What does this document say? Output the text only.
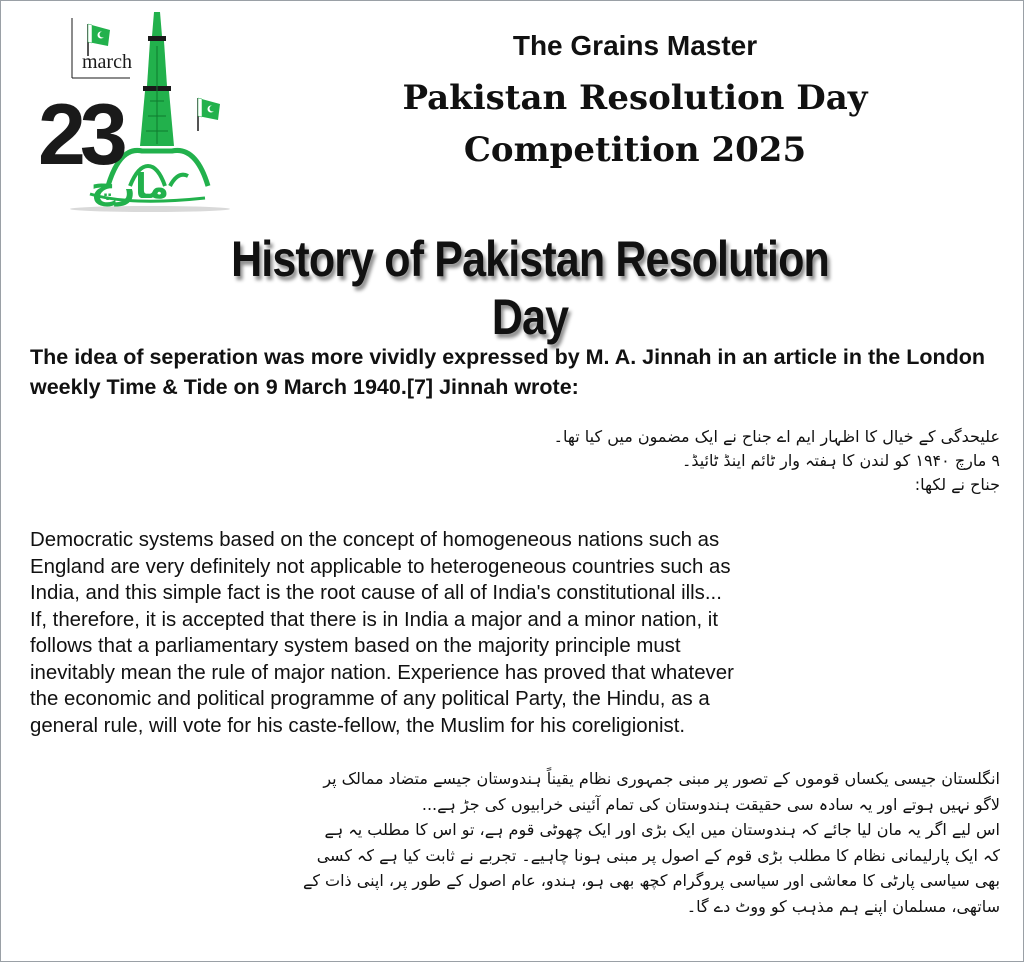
march
23
مارچ
The Grains Master
Pakistan Resolution Day
Competition 2025
History of Pakistan Resolution Day
The idea of seperation was more vividly expressed by M. A. Jinnah in an article in the London weekly Time & Tide on 9 March 1940.[7] Jinnah wrote:

علیحدگی کے خیال کا اظہار ایم اے جناح نے ایک مضمون میں کیا تھا۔

۹ مارچ ۱۹۴۰ کو لندن کا ہفتہ وار ٹائم اینڈ ٹائیڈ۔

جناح نے لکھا:

Democratic systems based on the concept of homogeneous nations such as

England are very definitely not applicable to heterogeneous countries such as

India, and this simple fact is the root cause of all of India's constitutional ills...

If, therefore, it is accepted that there is in India a major and a minor nation, it

follows that a parliamentary system based on the majority principle must

inevitably mean the rule of major nation. Experience has proved that whatever

the economic and political programme of any political Party, the Hindu, as a

general rule, will vote for his caste-fellow, the Muslim for his coreligionist.

انگلستان جیسی یکساں قوموں کے تصور پر مبنی جمہوری نظام یقیناً ہندوستان جیسے متضاد ممالک پر

لاگو نہیں ہوتے اور یہ سادہ سی حقیقت ہندوستان کی تمام آئینی خرابیوں کی جڑ ہے...

اس لیے اگر یہ مان لیا جائے کہ ہندوستان میں ایک بڑی اور ایک چھوٹی قوم ہے، تو اس کا مطلب یہ ہے

کہ ایک پارلیمانی نظام کا مطلب بڑی قوم کے اصول پر مبنی ہونا چاہیے۔ تجربے نے ثابت کیا ہے کہ کسی

بھی سیاسی پارٹی کا معاشی اور سیاسی پروگرام کچھ بھی ہو، ہندو، عام اصول کے طور پر، اپنی ذات کے

ساتھی، مسلمان اپنے ہم مذہب کو ووٹ دے گا۔
